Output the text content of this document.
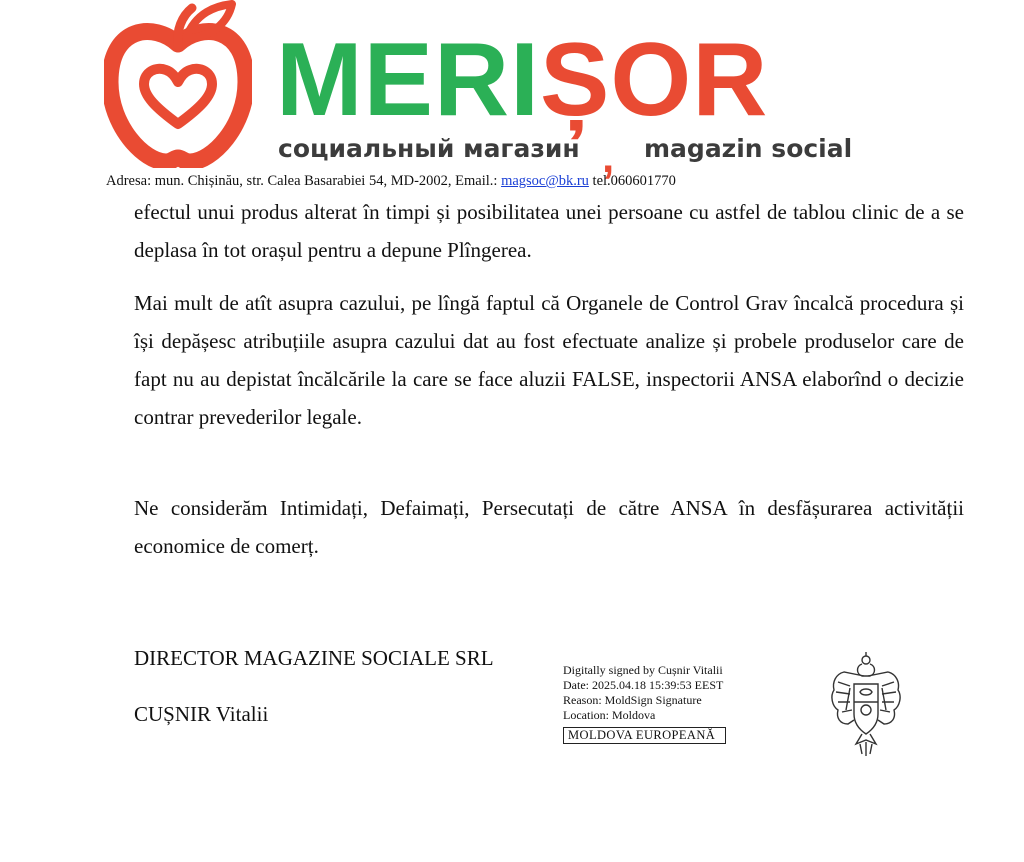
MERIȘOR
социальный магазин , magazin social
Adresa: mun. Chișinău, str. Calea Basarabiei 54, MD-2002, Email.: magsoc@bk.ru tel.060601770

efectul unui produs alterat în timpi și posibilitatea unei persoane cu astfel de tablou clinic de a se deplasa în tot orașul pentru a depune Plîngerea.

Mai mult de atît asupra cazului, pe lîngă faptul că Organele de Control Grav încalcă procedura și își depășesc atribuțiile asupra cazului dat au fost efectuate analize și probele produselor care de fapt nu au depistat încălcările la care se face aluzii FALSE, inspectorii ANSA elaborînd o decizie contrar prevederilor legale.

Ne considerăm Intimidați, Defaimați, Persecutați de către ANSA în desfășurarea activității economice de comerț.

DIRECTOR MAGAZINE SOCIALE SRL
CUȘNIR Vitalii
Digitally signed by Cușnir Vitalii
Date: 2025.04.18 15:39:53 EEST
Reason: MoldSign Signature
Location: Moldova
MOLDOVA EUROPEANĂ
